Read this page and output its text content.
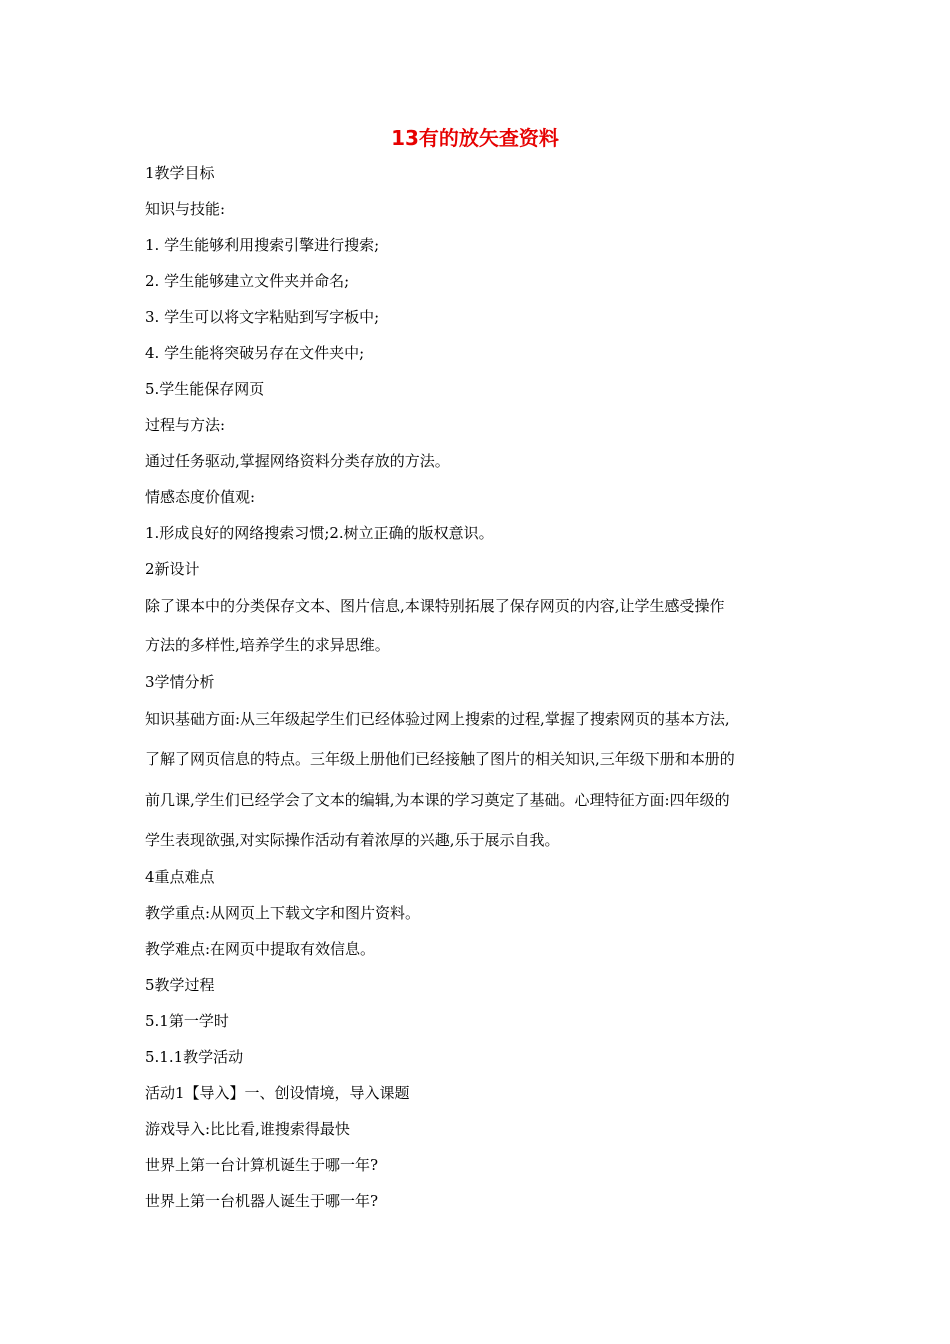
13有的放矢查资料
1教学目标
知识与技能:
1. 学生能够利用搜索引擎进行搜索;
2. 学生能够建立文件夹并命名;
3. 学生可以将文字粘贴到写字板中;
4. 学生能将突破另存在文件夹中;
5.学生能保存网页
过程与方法:
通过任务驱动,掌握网络资料分类存放的方法。
情感态度价值观:
1.形成良好的网络搜索习惯;2.树立正确的版权意识。
2新设计
除了课本中的分类保存文本、图片信息,本课特别拓展了保存网页的内容,让学生感受操作
方法的多样性,培养学生的求异思维。
3学情分析
知识基础方面:从三年级起学生们已经体验过网上搜索的过程,掌握了搜索网页的基本方法,
了解了网页信息的特点。三年级上册他们已经接触了图片的相关知识,三年级下册和本册的
前几课,学生们已经学会了文本的编辑,为本课的学习奠定了基础。心理特征方面:四年级的
学生表现欲强,对实际操作活动有着浓厚的兴趣,乐于展示自我。
4重点难点
教学重点:从网页上下载文字和图片资料。
教学难点:在网页中提取有效信息。
5教学过程
5.1第一学时
5.1.1教学活动
活动1【导入】一、创设情境，导入课题
游戏导入:比比看,谁搜索得最快
世界上第一台计算机诞生于哪一年?
世界上第一台机器人诞生于哪一年?
